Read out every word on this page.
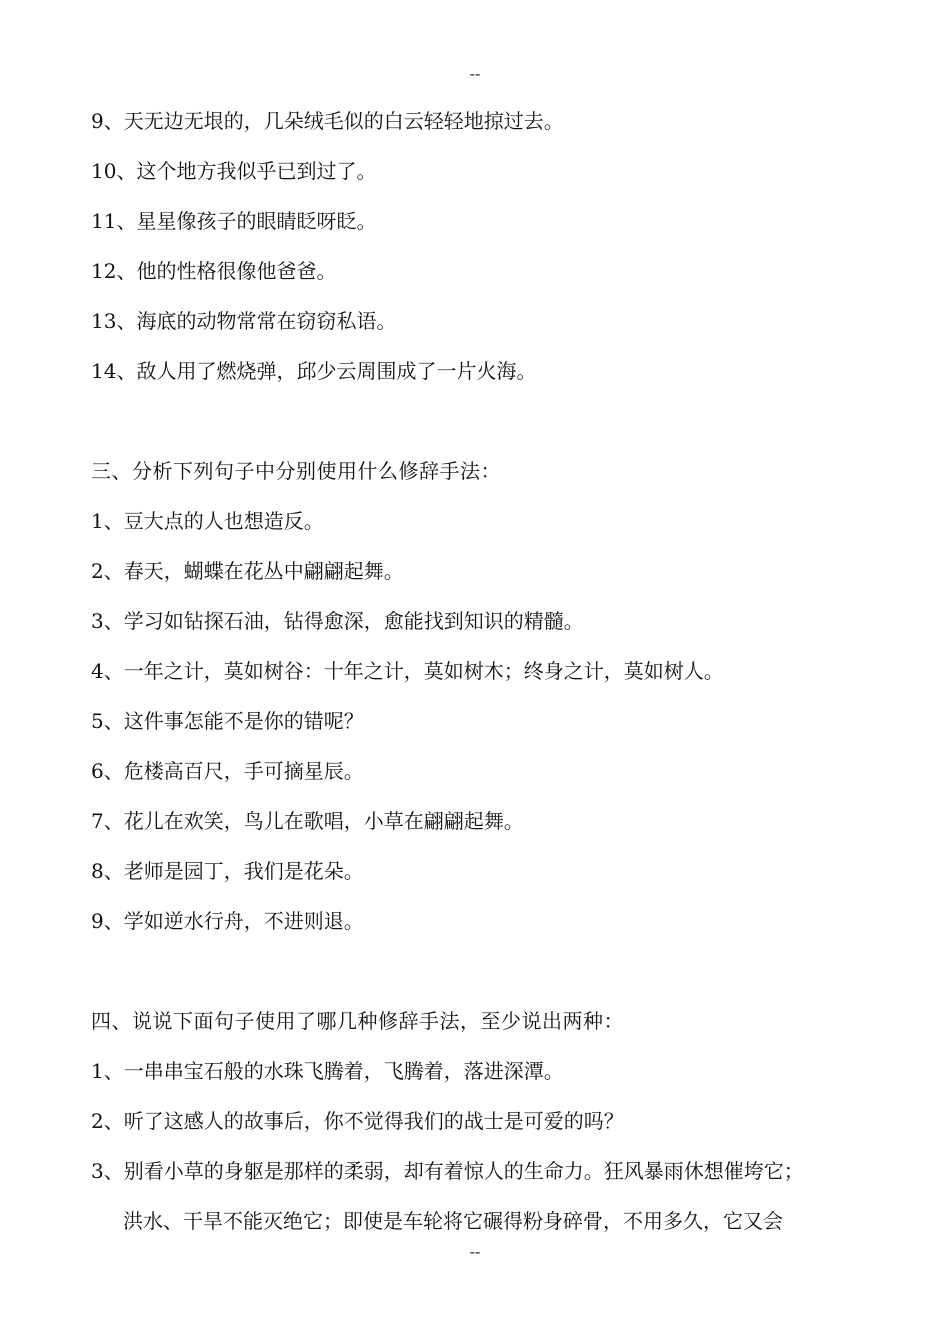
--
9、天无边无垠的，几朵绒毛似的白云轻轻地掠过去。
10、这个地方我似乎已到过了。
11、星星像孩子的眼睛眨呀眨。
12、他的性格很像他爸爸。
13、海底的动物常常在窃窃私语。
14、敌人用了燃烧弹，邱少云周围成了一片火海。
三、分析下列句子中分别使用什么修辞手法：
1、豆大点的人也想造反。
2、春天，蝴蝶在花丛中翩翩起舞。
3、学习如钻探石油，钻得愈深，愈能找到知识的精髓。
4、一年之计，莫如树谷：十年之计，莫如树木；终身之计，莫如树人。
5、这件事怎能不是你的错呢？
6、危楼高百尺，手可摘星辰。
7、花儿在欢笑，鸟儿在歌唱，小草在翩翩起舞。
8、老师是园丁，我们是花朵。
9、学如逆水行舟，不进则退。
四、说说下面句子使用了哪几种修辞手法，至少说出两种：
1、一串串宝石般的水珠飞腾着，飞腾着，落进深潭。
2、听了这感人的故事后，你不觉得我们的战士是可爱的吗？
3、别看小草的身躯是那样的柔弱，却有着惊人的生命力。狂风暴雨休想催垮它；
洪水、干旱不能灭绝它；即使是车轮将它碾得粉身碎骨，不用多久，它又会
--
